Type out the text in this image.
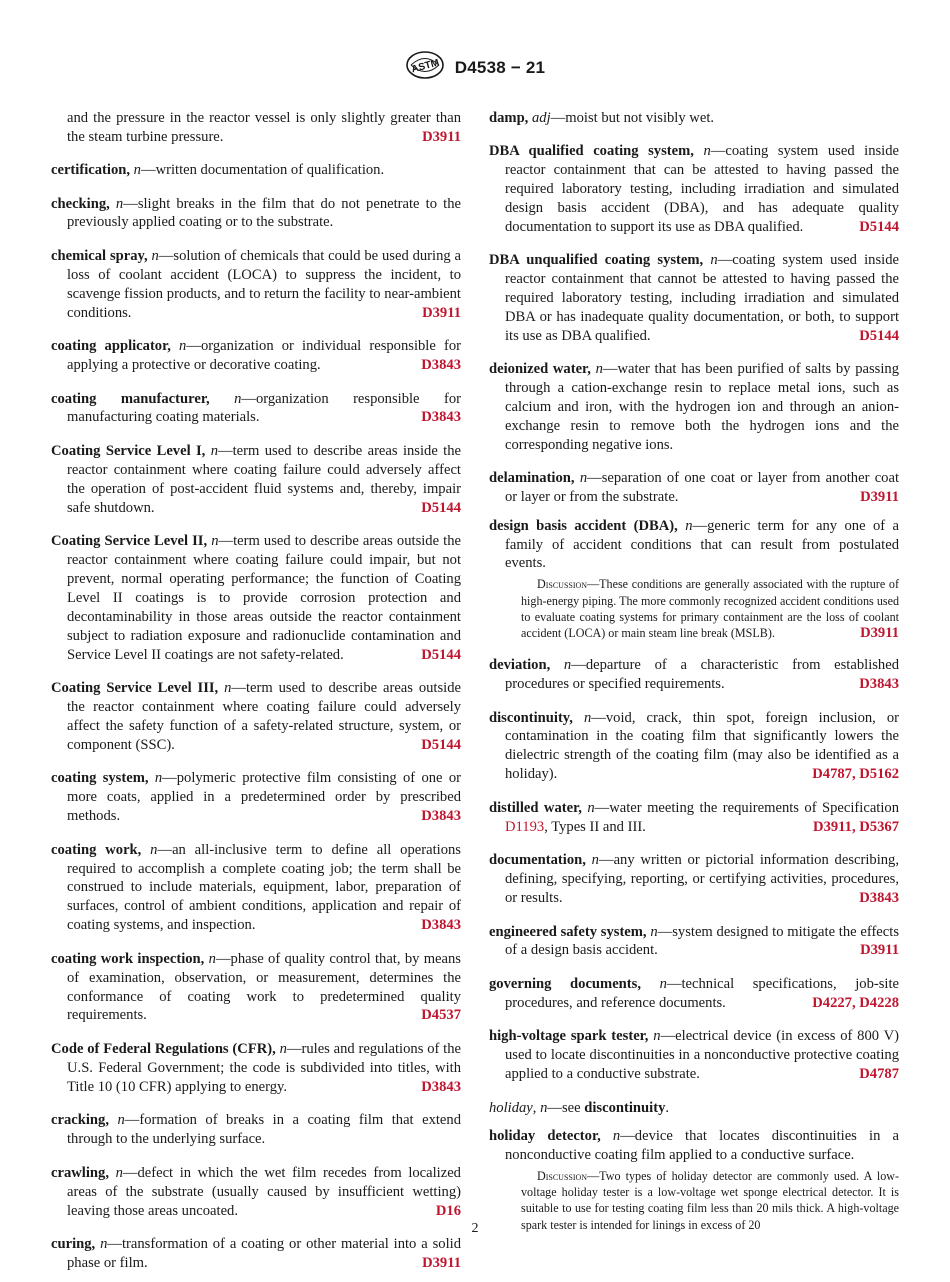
ASTM D4538 − 21

and the pressure in the reactor vessel is only slightly greater than the steam turbine pressure.	D3911

certification, n—written documentation of qualification.

checking, n—slight breaks in the film that do not penetrate to the previously applied coating or to the substrate.

chemical spray, n—solution of chemicals that could be used during a loss of coolant accident (LOCA) to suppress the incident, to scavenge fission products, and to return the facility to near-ambient conditions.	D3911

coating applicator, n—organization or individual responsible for applying a protective or decorative coating.	D3843

coating manufacturer, n—organization responsible for manufacturing coating materials.	D3843

Coating Service Level I, n—term used to describe areas inside the reactor containment where coating failure could adversely affect the operation of post-accident fluid systems and, thereby, impair safe shutdown.	D5144

Coating Service Level II, n—term used to describe areas outside the reactor containment where coating failure could impair, but not prevent, normal operating performance; the function of Coating Level II coatings is to provide corrosion protection and decontaminability in those areas outside the reactor containment subject to radiation exposure and radionuclide contamination and Service Level II coatings are not safety-related.	D5144

Coating Service Level III, n—term used to describe areas outside the reactor containment where coating failure could adversely affect the safety function of a safety-related structure, system, or component (SSC).	D5144

coating system, n—polymeric protective film consisting of one or more coats, applied in a predetermined order by prescribed methods.	D3843

coating work, n—an all-inclusive term to define all operations required to accomplish a complete coating job; the term shall be construed to include materials, equipment, labor, preparation of surfaces, control of ambient conditions, application and repair of coating systems, and inspection.	D3843

coating work inspection, n—phase of quality control that, by means of examination, observation, or measurement, determines the conformance of coating work to predetermined quality requirements.	D4537

Code of Federal Regulations (CFR), n—rules and regulations of the U.S. Federal Government; the code is subdivided into titles, with Title 10 (10 CFR) applying to energy.	D3843

cracking, n—formation of breaks in a coating film that extend through to the underlying surface.

crawling, n—defect in which the wet film recedes from localized areas of the substrate (usually caused by insufficient wetting) leaving those areas uncoated.	D16

curing, n—transformation of a coating or other material into a solid phase or film.	D3911

damp, adj—moist but not visibly wet.

DBA qualified coating system, n—coating system used inside reactor containment that can be attested to having passed the required laboratory testing, including irradiation and simulated design basis accident (DBA), and has adequate quality documentation to support its use as DBA qualified.	D5144

DBA unqualified coating system, n—coating system used inside reactor containment that cannot be attested to having passed the required laboratory testing, including irradiation and simulated DBA or has inadequate quality documentation, or both, to support its use as DBA qualified.	D5144

deionized water, n—water that has been purified of salts by passing through a cation-exchange resin to replace metal ions, such as calcium and iron, with the hydrogen ion and through an anion-exchange resin to remove both the hydrogen ions and the corresponding negative ions.

delamination, n—separation of one coat or layer from another coat or layer or from the substrate.	D3911

design basis accident (DBA), n—generic term for any one of a family of accident conditions that can result from postulated events.

Discussion—These conditions are generally associated with the rupture of high-energy piping. The more commonly recognized accident conditions used to evaluate coating systems for primary containment are the loss of coolant accident (LOCA) or main steam line break (MSLB).	D3911

deviation, n—departure of a characteristic from established procedures or specified requirements.	D3843

discontinuity, n—void, crack, thin spot, foreign inclusion, or contamination in the coating film that significantly lowers the dielectric strength of the coating film (may also be identified as a holiday).	D4787, D5162

distilled water, n—water meeting the requirements of Specification D1193, Types II and III.	D3911, D5367

documentation, n—any written or pictorial information describing, defining, specifying, reporting, or certifying activities, procedures, or results.	D3843

engineered safety system, n—system designed to mitigate the effects of a design basis accident.	D3911

governing documents, n—technical specifications, job-site procedures, and reference documents.	D4227, D4228

high-voltage spark tester, n—electrical device (in excess of 800 V) used to locate discontinuities in a nonconductive protective coating applied to a conductive substrate.	D4787

holiday, n—see discontinuity.

holiday detector, n—device that locates discontinuities in a nonconductive coating film applied to a conductive surface.

Discussion—Two types of holiday detector are commonly used. A low-voltage holiday tester is a low-voltage wet sponge electrical detector. It is suitable to use for testing coating film less than 20 mils thick. A high-voltage spark tester is intended for linings in excess of 20

2
